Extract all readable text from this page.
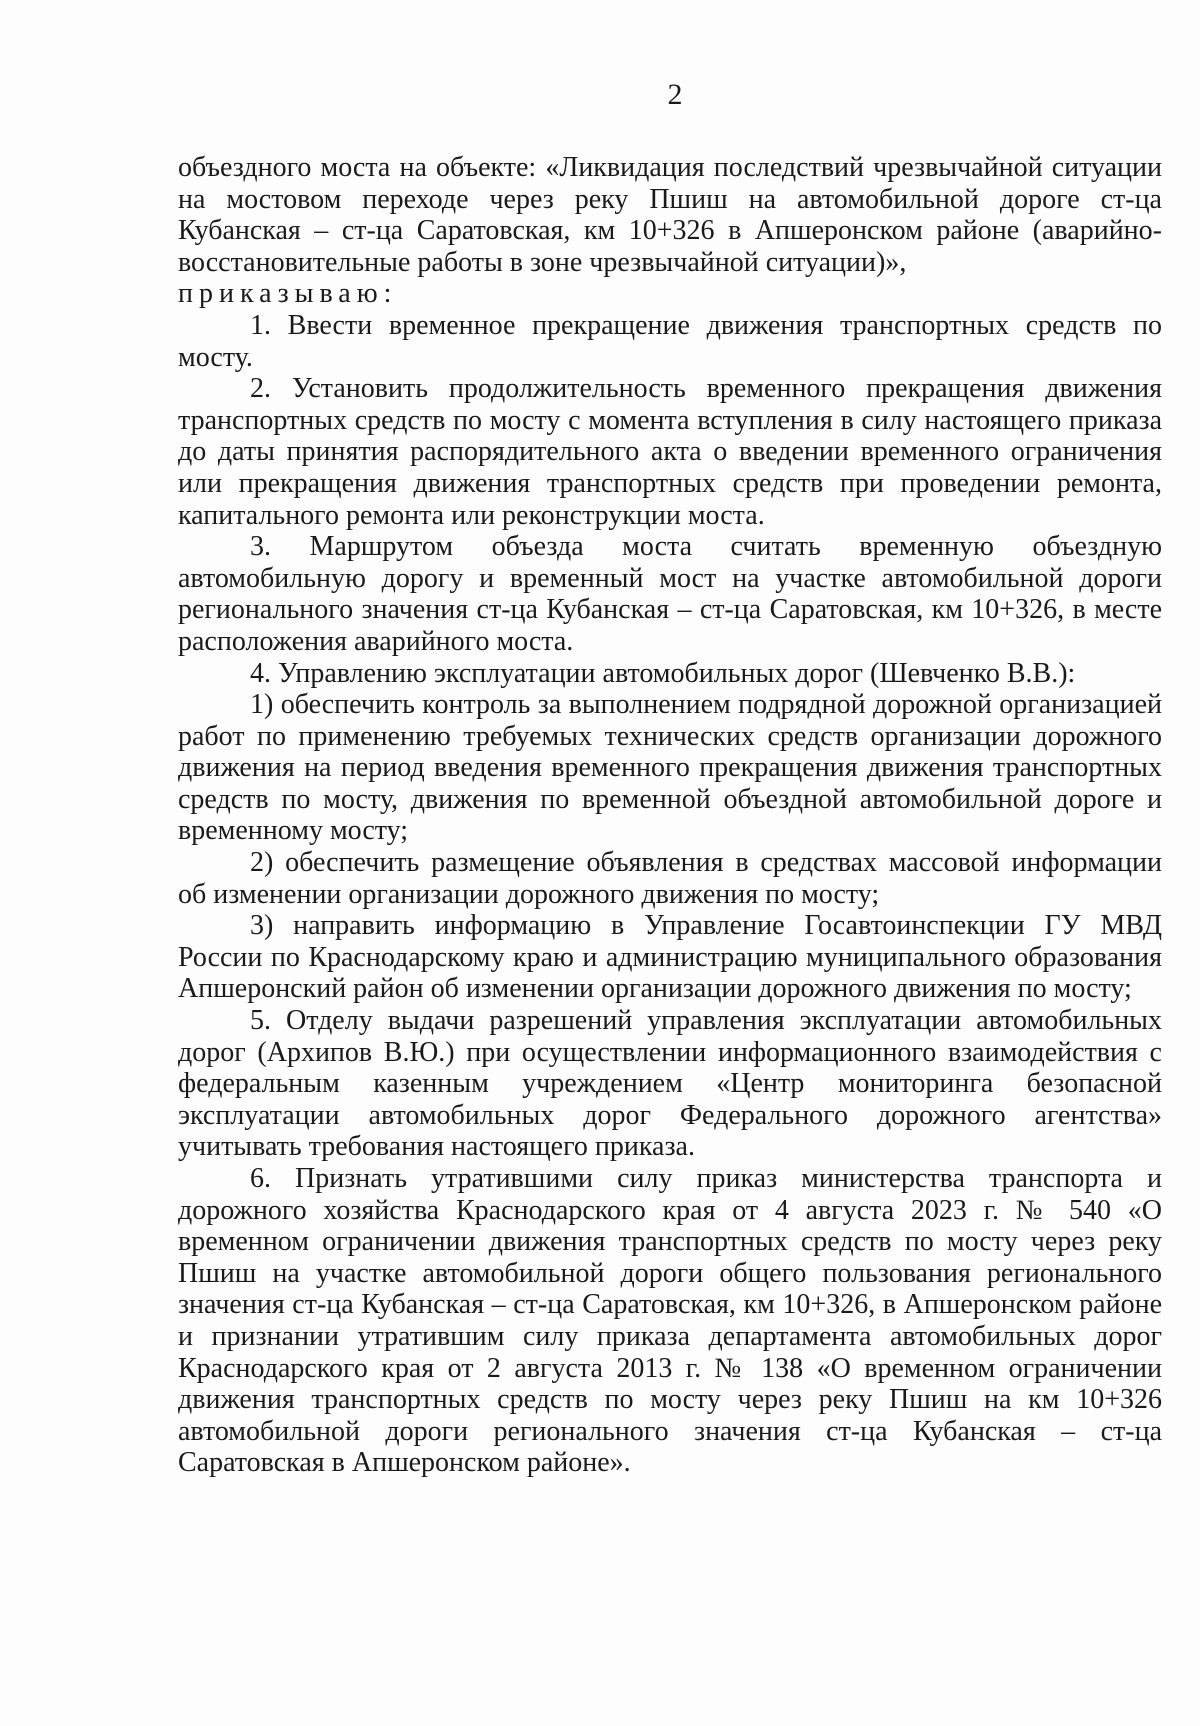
2

объездного моста на объекте: «Ликвидация последствий чрезвычайной ситуации на мостовом переходе через реку Пшиш на автомобильной дороге ст-ца Кубанская – ст-ца Саратовская, км 10+326 в Апшеронском районе (аварийно-восстановительные работы в зоне чрезвычайной ситуации)»,

приказываю:

1. Ввести временное прекращение движения транспортных средств по мосту.

2. Установить продолжительность временного прекращения движения транспортных средств по мосту с момента вступления в силу настоящего приказа до даты принятия распорядительного акта о введении временного ограничения или прекращения движения транспортных средств при проведении ремонта, капитального ремонта или реконструкции моста.

3. Маршрутом объезда моста считать временную объездную автомобильную дорогу и временный мост на участке автомобильной дороги регионального значения ст-ца Кубанская – ст-ца Саратовская, км 10+326, в месте расположения аварийного моста.

4. Управлению эксплуатации автомобильных дорог (Шевченко В.В.):

1) обеспечить контроль за выполнением подрядной дорожной организацией работ по применению требуемых технических средств организации дорожного движения на период введения временного прекращения движения транспортных средств по мосту, движения по временной объездной автомобильной дороге и временному мосту;

2) обеспечить размещение объявления в средствах массовой информации об изменении организации дорожного движения по мосту;

3) направить информацию в Управление Госавтоинспекции ГУ МВД России по Краснодарскому краю и администрацию муниципального образования Апшеронский район об изменении организации дорожного движения по мосту;

5. Отделу выдачи разрешений управления эксплуатации автомобильных дорог (Архипов В.Ю.) при осуществлении информационного взаимодействия с федеральным казенным учреждением «Центр мониторинга безопасной эксплуатации автомобильных дорог Федерального дорожного агентства» учитывать требования настоящего приказа.

6. Признать утратившими силу приказ министерства транспорта и дорожного хозяйства Краснодарского края от 4 августа 2023 г. № 540 «О временном ограничении движения транспортных средств по мосту через реку Пшиш на участке автомобильной дороги общего пользования регионального значения ст-ца Кубанская – ст-ца Саратовская, км 10+326, в Апшеронском районе и признании утратившим силу приказа департамента автомобильных дорог Краснодарского края от 2 августа 2013 г. № 138 «О временном ограничении движения транспортных средств по мосту через реку Пшиш на км 10+326 автомобильной дороги регионального значения ст-ца Кубанская – ст-ца Саратовская в Апшеронском районе».
